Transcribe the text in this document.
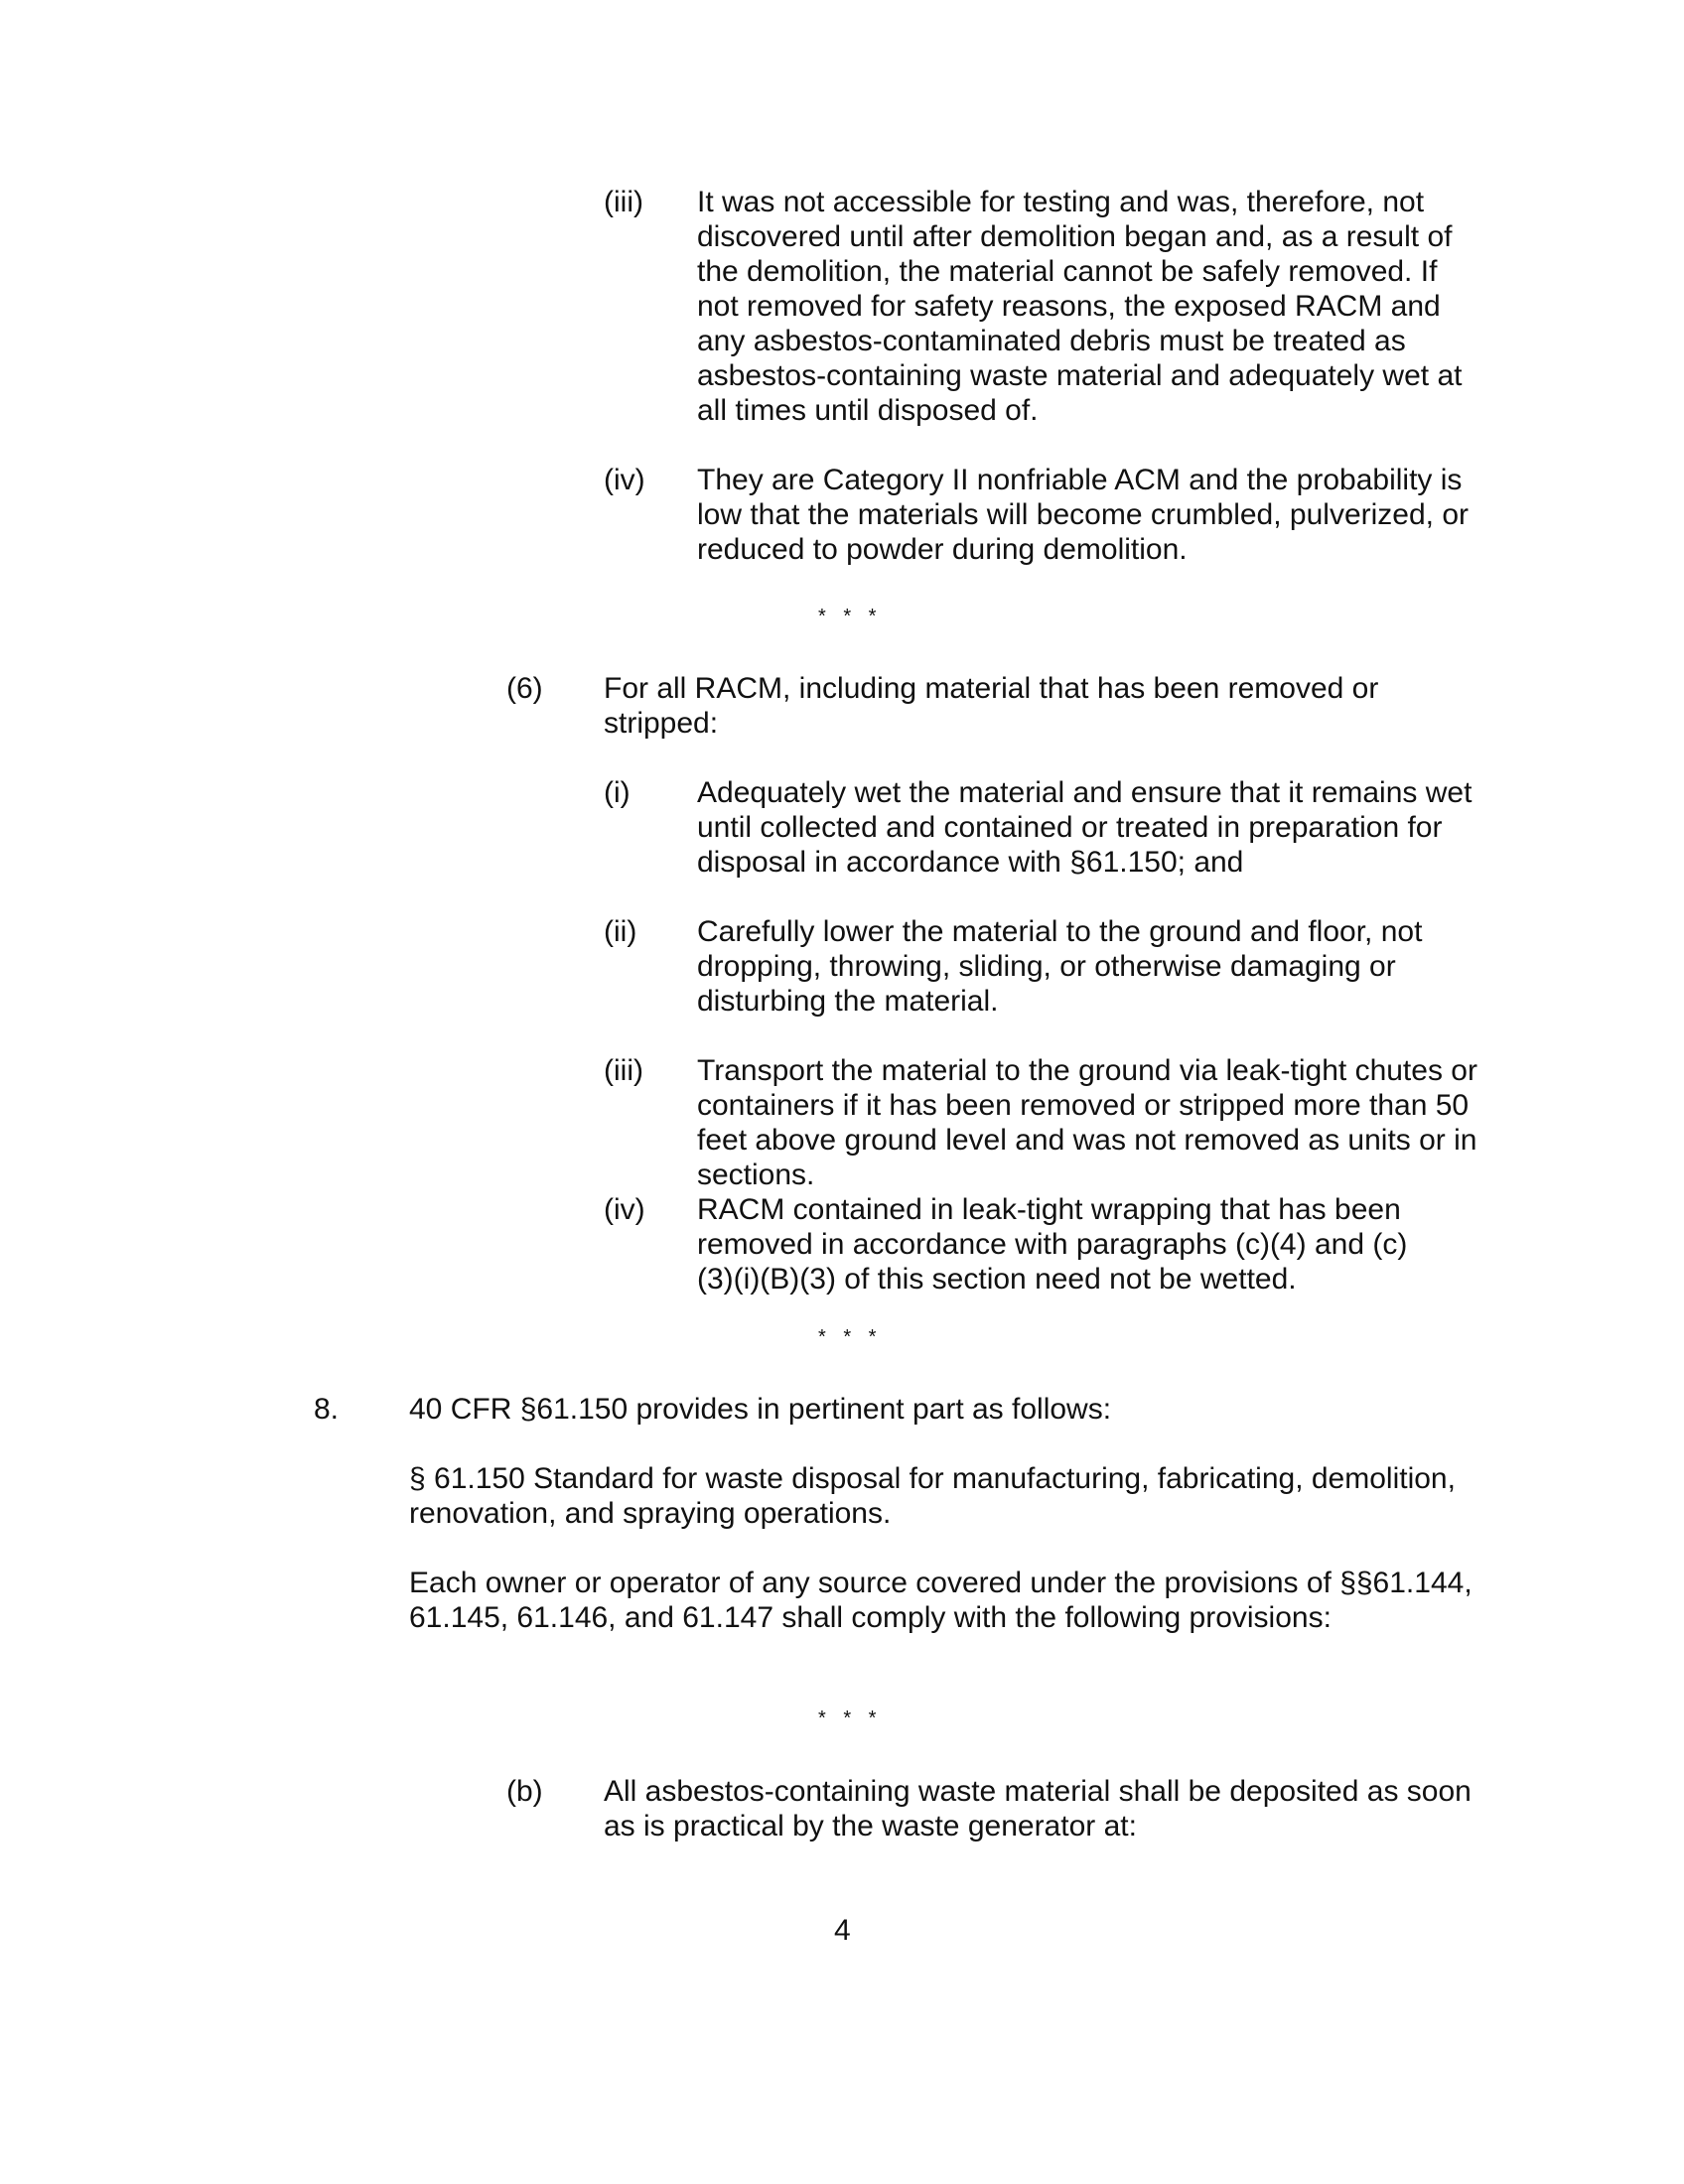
(iii) It was not accessible for testing and was, therefore, not discovered until after demolition began and, as a result of the demolition, the material cannot be safely removed. If not removed for safety reasons, the exposed RACM and any asbestos-contaminated debris must be treated as asbestos-containing waste material and adequately wet at all times until disposed of.
(iv) They are Category II nonfriable ACM and the probability is low that the materials will become crumbled, pulverized, or reduced to powder during demolition.
* * *
(6) For all RACM, including material that has been removed or stripped:
(i) Adequately wet the material and ensure that it remains wet until collected and contained or treated in preparation for disposal in accordance with §61.150; and
(ii) Carefully lower the material to the ground and floor, not dropping, throwing, sliding, or otherwise damaging or disturbing the material.
(iii) Transport the material to the ground via leak-tight chutes or containers if it has been removed or stripped more than 50 feet above ground level and was not removed as units or in sections.
(iv) RACM contained in leak-tight wrapping that has been removed in accordance with paragraphs (c)(4) and (c)(3)(i)(B)(3) of this section need not be wetted.
* * *
8. 40 CFR §61.150 provides in pertinent part as follows:

§ 61.150 Standard for waste disposal for manufacturing, fabricating, demolition, renovation, and spraying operations.

Each owner or operator of any source covered under the provisions of §§61.144, 61.145, 61.146, and 61.147 shall comply with the following provisions:

* * *
(b) All asbestos-containing waste material shall be deposited as soon as is practical by the waste generator at:
4
